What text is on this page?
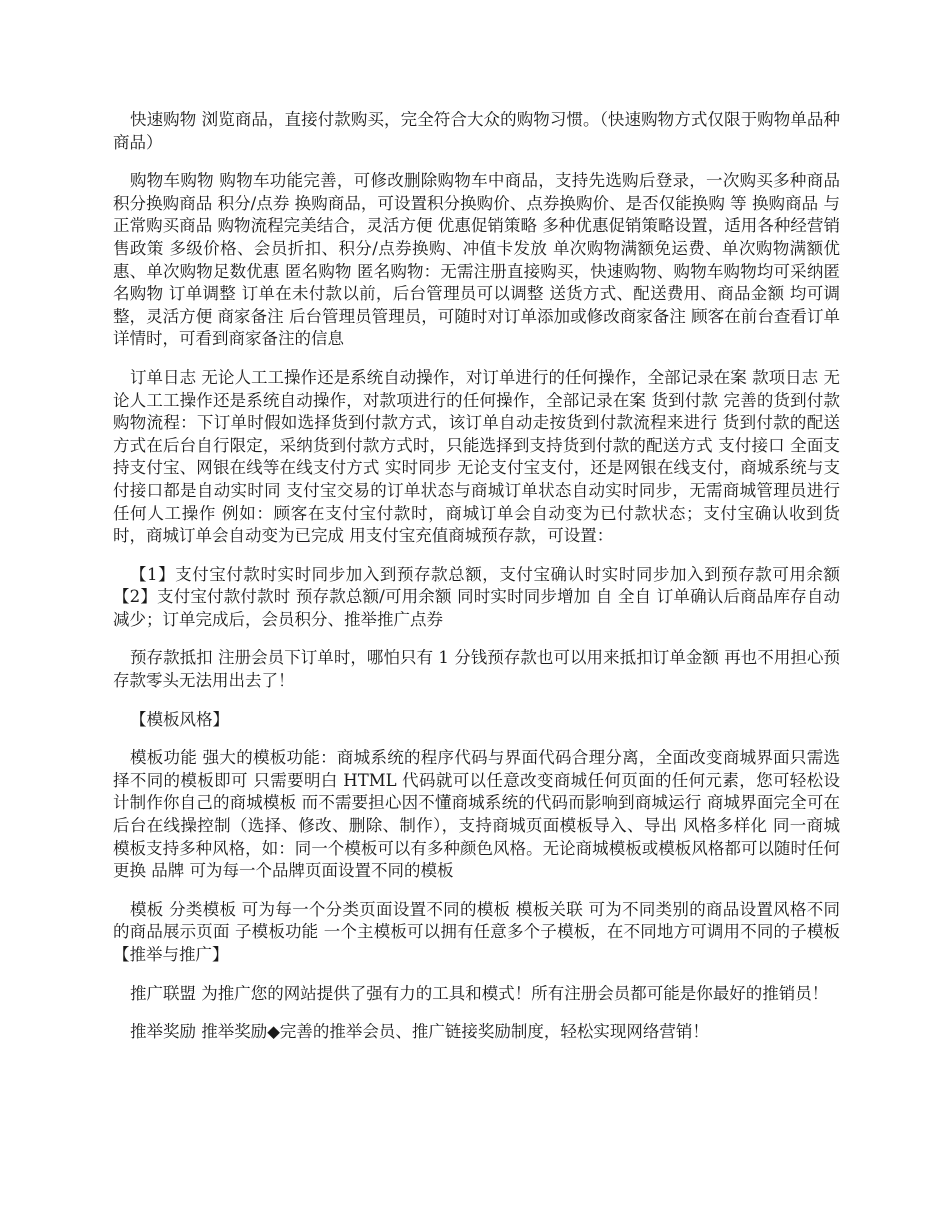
快速购物 浏览商品，直接付款购买，完全符合大众的购物习惯。（快速购物方式仅限于购物单品种商品）

购物车购物 购物车功能完善，可修改删除购物车中商品，支持先选购后登录，一次购买多种商品 积分换购商品 积分/点券 换购商品，可设置积分换购价、点券换购价、是否仅能换购 等 换购商品 与 正常购买商品 购物流程完美结合，灵活方便 优惠促销策略 多种优惠促销策略设置，适用各种经营销售政策 多级价格、会员折扣、积分/点券换购、冲值卡发放 单次购物满额免运费、单次购物满额优惠、单次购物足数优惠 匿名购物 匿名购物：无需注册直接购买，快速购物、购物车购物均可采纳匿名购物 订单调整 订单在未付款以前，后台管理员可以调整 送货方式、配送费用、商品金额 均可调整，灵活方便 商家备注 后台管理员管理员，可随时对订单添加或修改商家备注 顾客在前台查看订单详情时，可看到商家备注的信息

订单日志 无论人工工操作还是系统自动操作，对订单进行的任何操作，全部记录在案 款项日志 无论人工工操作还是系统自动操作，对款项进行的任何操作，全部记录在案 货到付款 完善的货到付款购物流程：下订单时假如选择货到付款方式，该订单自动走按货到付款流程来进行 货到付款的配送方式在后台自行限定，采纳货到付款方式时，只能选择到支持货到付款的配送方式 支付接口 全面支持支付宝、网银在线等在线支付方式 实时同步 无论支付宝支付，还是网银在线支付，商城系统与支付接口都是自动实时同 支付宝交易的订单状态与商城订单状态自动实时同步，无需商城管理员进行任何人工操作 例如：顾客在支付宝付款时，商城订单会自动变为已付款状态；支付宝确认收到货时，商城订单会自动变为已完成 用支付宝充值商城预存款，可设置：

【1】支付宝付款时实时同步加入到预存款总额，支付宝确认时实时同步加入到预存款可用余额 【2】支付宝付款付款时 预存款总额/可用余额 同时实时同步增加 自 全自 订单确认后商品库存自动减少；订单完成后，会员积分、推举推广点券

预存款抵扣 注册会员下订单时，哪怕只有 1 分钱预存款也可以用来抵扣订单金额 再也不用担心预存款零头无法用出去了！

【模板风格】

模板功能 强大的模板功能：商城系统的程序代码与界面代码合理分离，全面改变商城界面只需选择不同的模板即可 只需要明白 HTML 代码就可以任意改变商城任何页面的任何元素，您可轻松设计制作你自己的商城模板 而不需要担心因不懂商城系统的代码而影响到商城运行 商城界面完全可在后台在线操控制（选择、修改、删除、制作），支持商城页面模板导入、导出 风格多样化 同一商城模板支持多种风格，如：同一个模板可以有多种颜色风格。无论商城模板或模板风格都可以随时任何更换 品牌 可为每一个品牌页面设置不同的模板

模板 分类模板 可为每一个分类页面设置不同的模板 模板关联 可为不同类别的商品设置风格不同的商品展示页面 子模板功能 一个主模板可以拥有任意多个子模板，在不同地方可调用不同的子模板 【推举与推广】

推广联盟 为推广您的网站提供了强有力的工具和模式！所有注册会员都可能是你最好的推销员！

推举奖励 推举奖励◆完善的推举会员、推广链接奖励制度，轻松实现网络营销！
